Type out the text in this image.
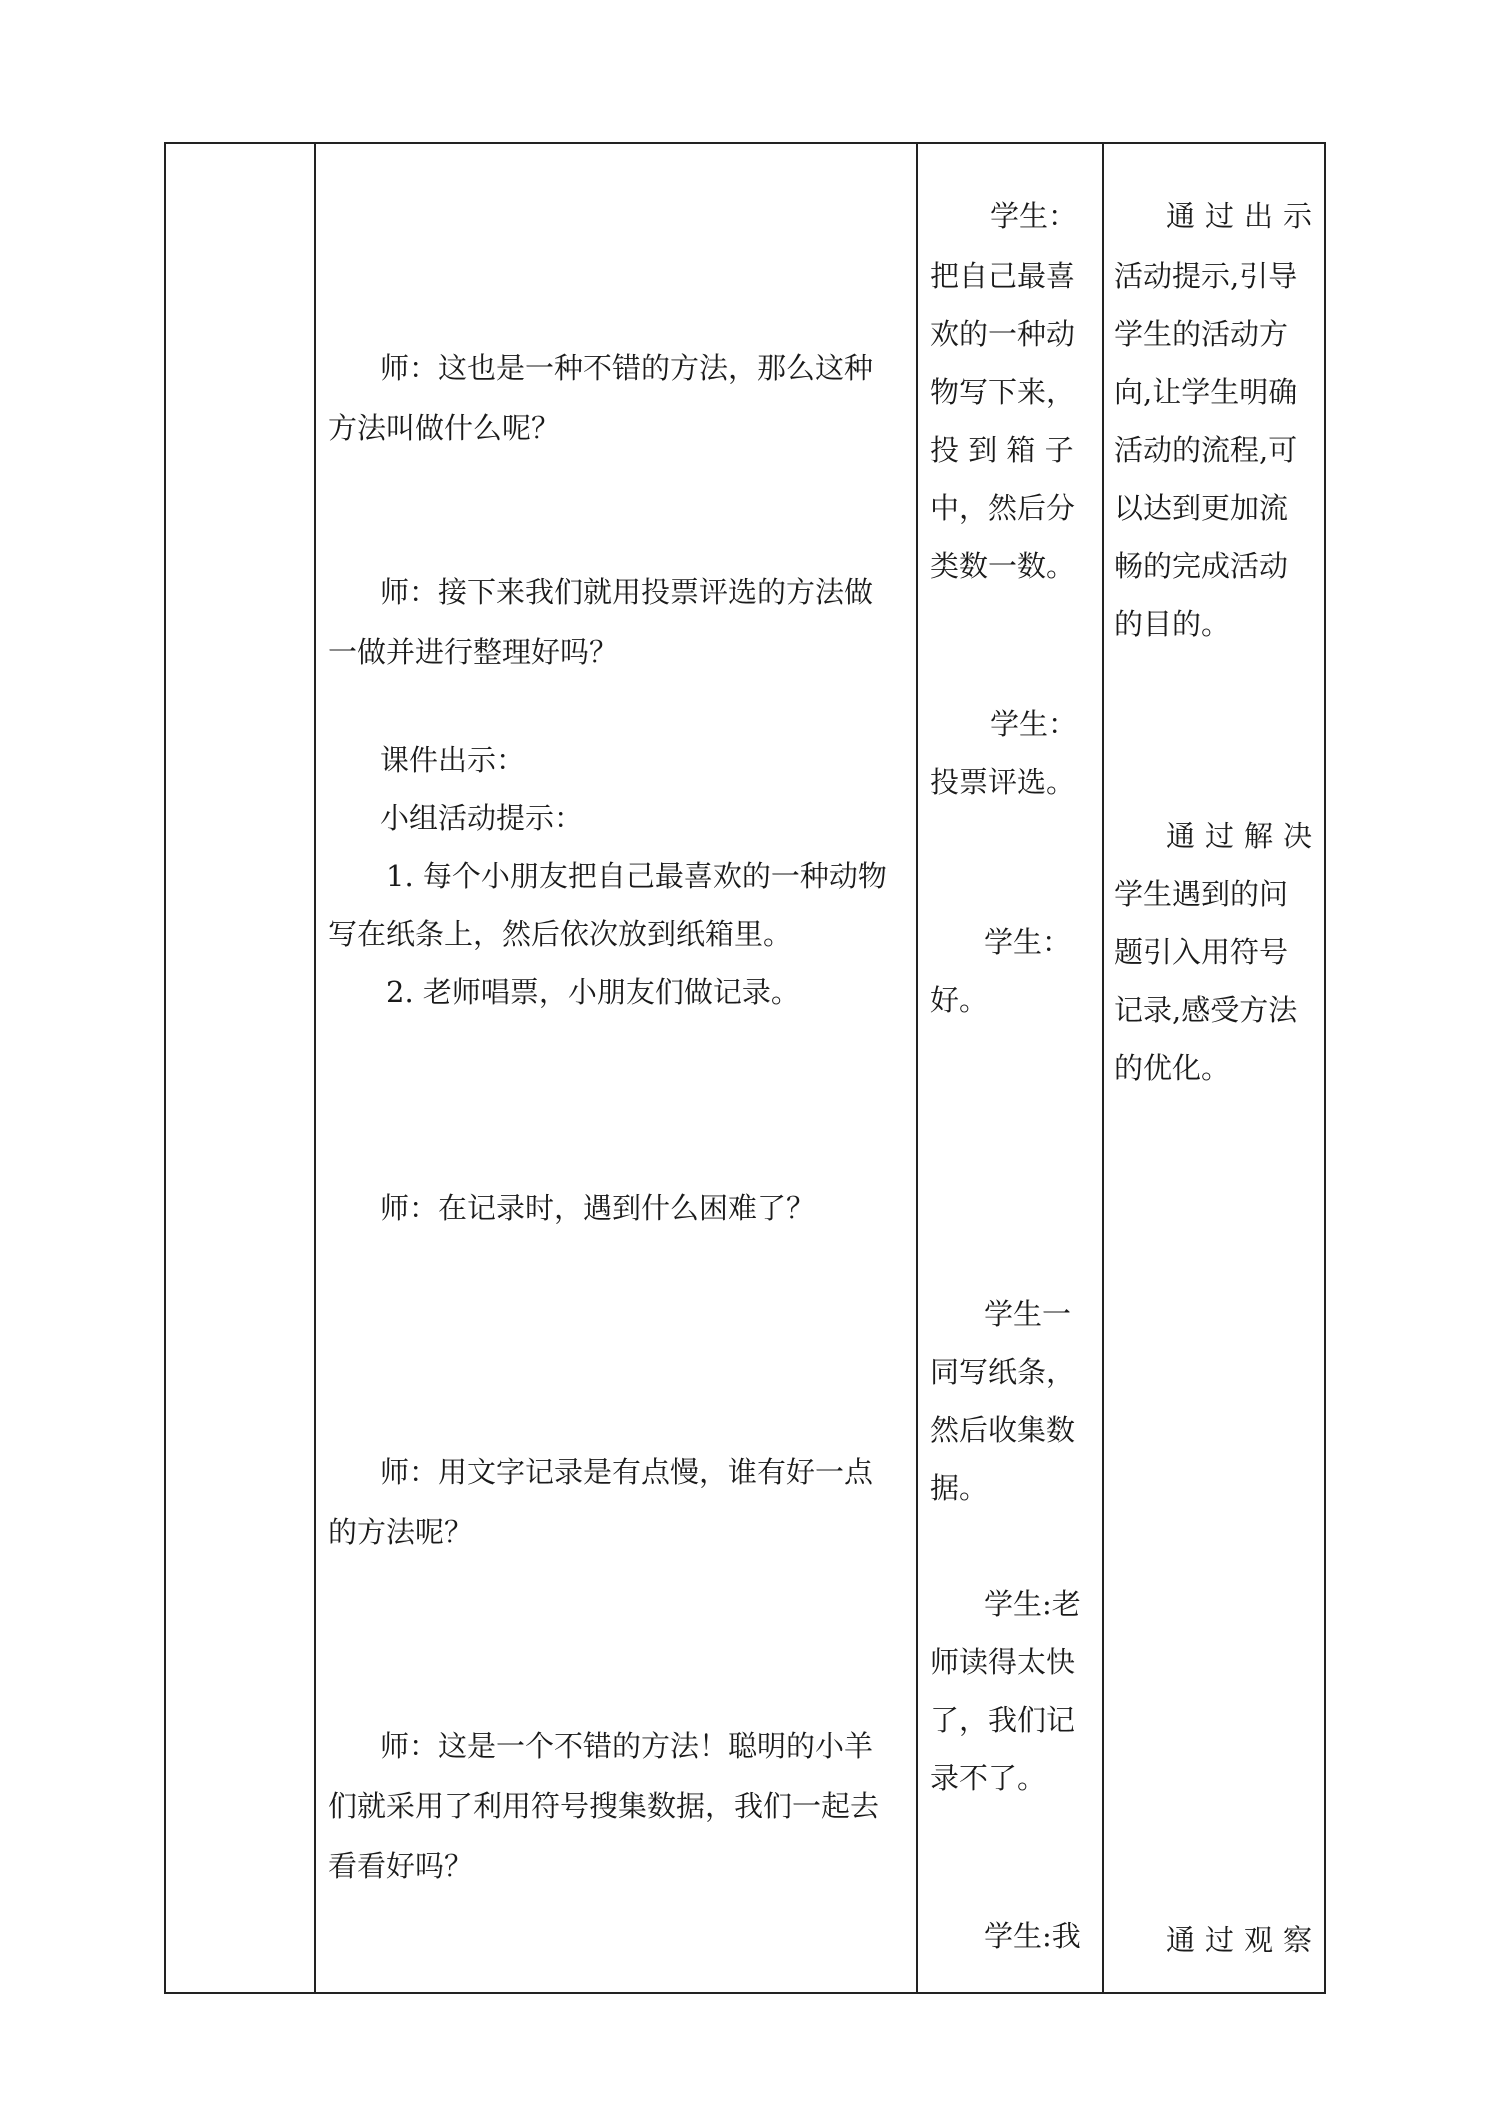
师：这也是一种不错的方法，那么这种
方法叫做什么呢？
师：接下来我们就用投票评选的方法做
一做并进行整理好吗？
课件出示：
小组活动提示：
1. 每个小朋友把自己最喜欢的一种动物
写在纸条上，然后依次放到纸箱里。
2. 老师唱票，小朋友们做记录。
师：在记录时，遇到什么困难了？
师：用文字记录是有点慢，谁有好一点
的方法呢？
师：这是一个不错的方法！聪明的小羊
们就采用了利用符号搜集数据，我们一起去
看看好吗？
学生：
把自己最喜
欢的一种动
物写下来，
投 到 箱 子
中，然后分
类数一数。
学生：
投票评选。
学生：
好。
学生一
同写纸条，
然后收集数
据。
学生:老
师读得太快
了，我们记
录不了。
学生:我
通过出示
活动提示,引导
学生的活动方
向,让学生明确
活动的流程,可
以达到更加流
畅的完成活动
的目的。
通过解决
学生遇到的问
题引入用符号
记录,感受方法
的优化。
通过观察
